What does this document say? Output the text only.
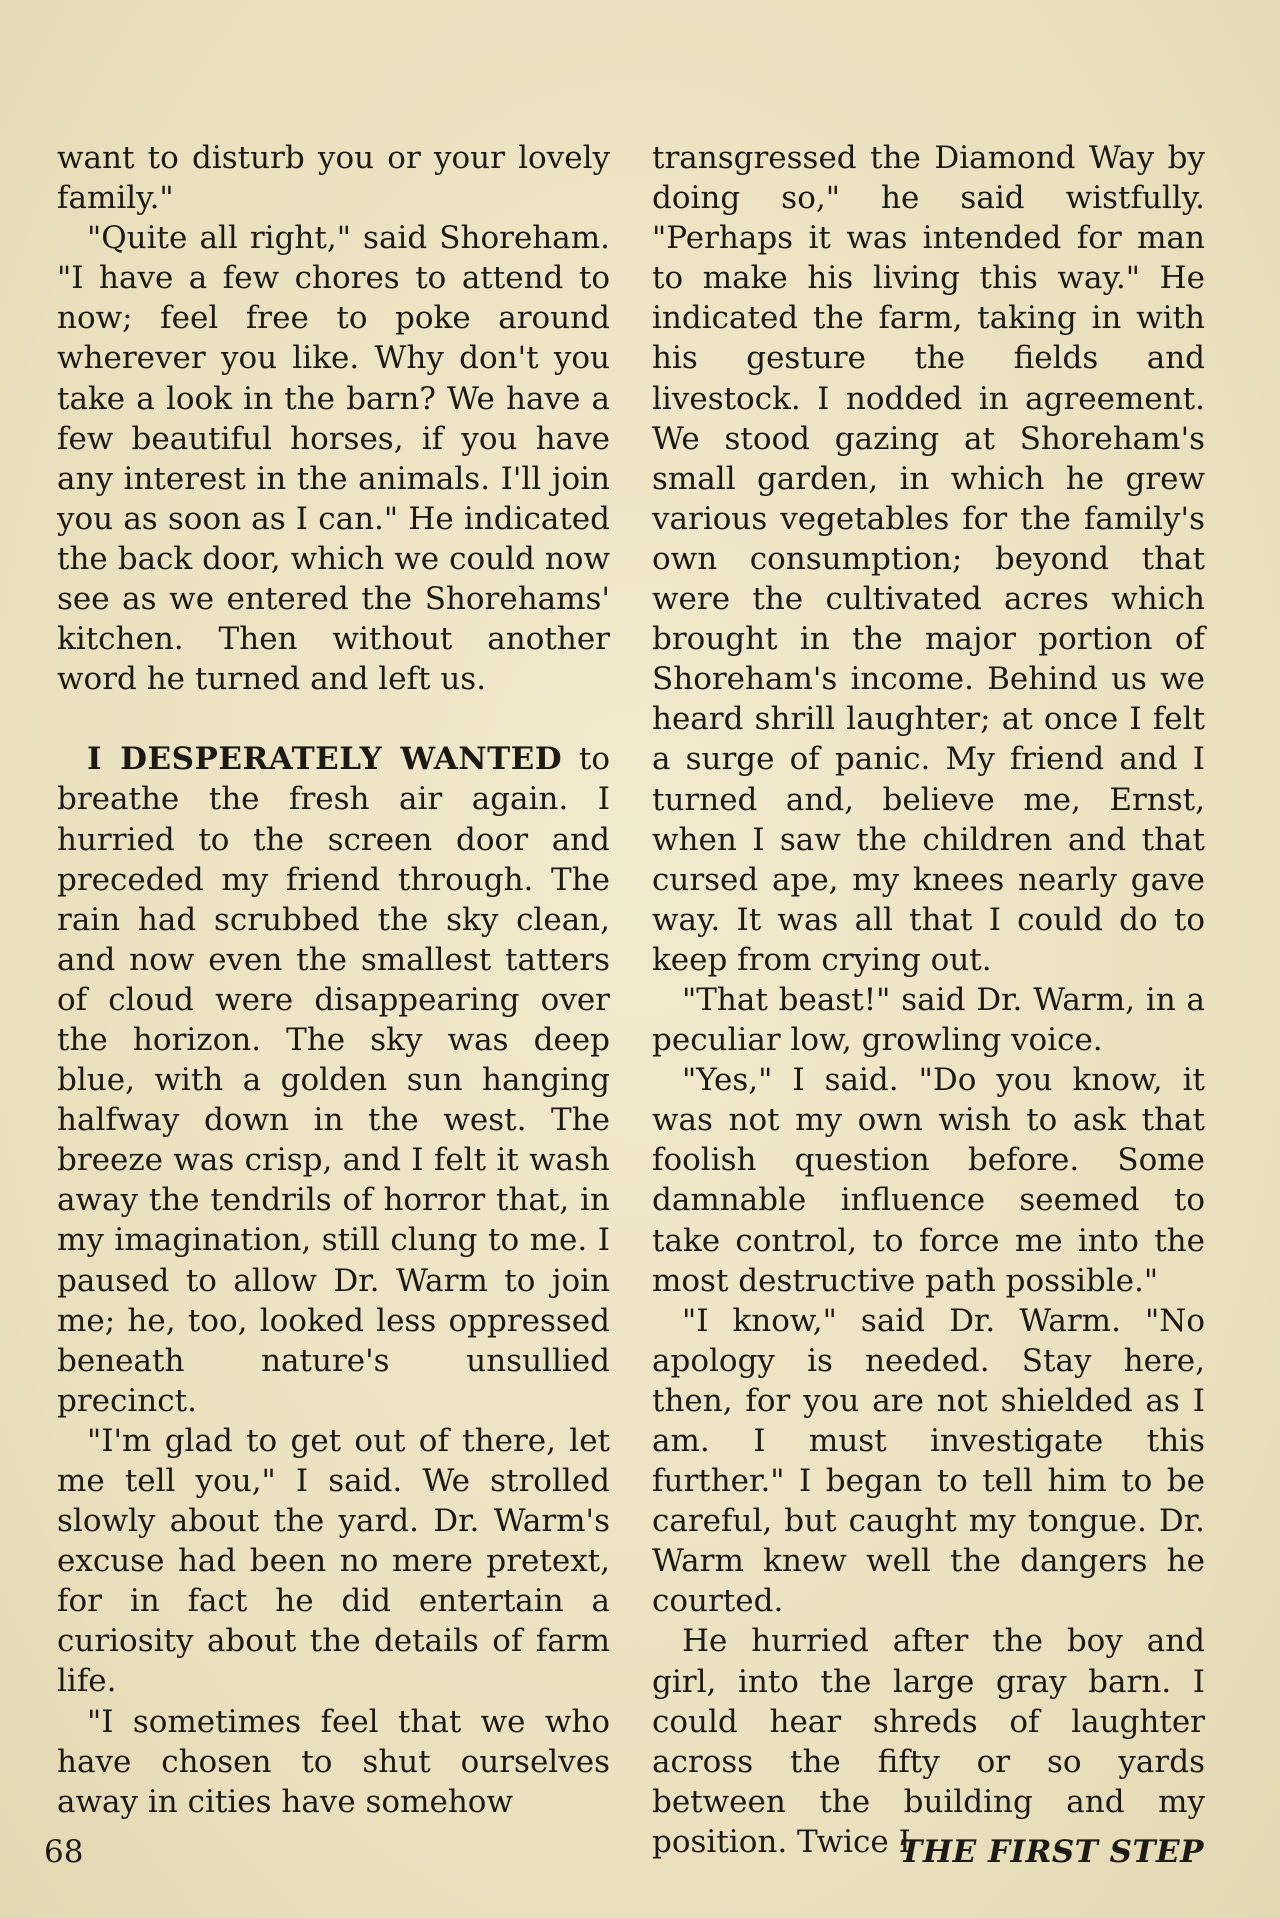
want to disturb you or your lovely family."

"Quite all right," said Shoreham. "I have a few chores to attend to now; feel free to poke around wherever you like. Why don't you take a look in the barn? We have a few beautiful horses, if you have any interest in the animals. I'll join you as soon as I can." He indicated the back door, which we could now see as we entered the Shorehams' kitchen. Then without another word he turned and left us.

I DESPERATELY WANTED to breathe the fresh air again. I hurried to the screen door and preceded my friend through. The rain had scrubbed the sky clean, and now even the smallest tatters of cloud were disappearing over the horizon. The sky was deep blue, with a golden sun hanging halfway down in the west. The breeze was crisp, and I felt it wash away the tendrils of horror that, in my imagination, still clung to me. I paused to allow Dr. Warm to join me; he, too, looked less oppressed beneath nature's unsullied precinct.

"I'm glad to get out of there, let me tell you," I said. We strolled slowly about the yard. Dr. Warm's excuse had been no mere pretext, for in fact he did entertain a curiosity about the details of farm life.

"I sometimes feel that we who have chosen to shut ourselves away in cities have somehow

transgressed the Diamond Way by doing so," he said wistfully. "Perhaps it was intended for man to make his living this way." He indicated the farm, taking in with his gesture the fields and livestock. I nodded in agreement. We stood gazing at Shoreham's small garden, in which he grew various vegetables for the family's own consumption; beyond that were the cultivated acres which brought in the major portion of Shoreham's income. Behind us we heard shrill laughter; at once I felt a surge of panic. My friend and I turned and, believe me, Ernst, when I saw the children and that cursed ape, my knees nearly gave way. It was all that I could do to keep from crying out.

"That beast!" said Dr. Warm, in a peculiar low, growling voice.

"Yes," I said. "Do you know, it was not my own wish to ask that foolish question before. Some damnable influence seemed to take control, to force me into the most destructive path possible."

"I know," said Dr. Warm. "No apology is needed. Stay here, then, for you are not shielded as I am. I must investigate this further." I began to tell him to be careful, but caught my tongue. Dr. Warm knew well the dangers he courted.

He hurried after the boy and girl, into the large gray barn. I could hear shreds of laughter across the fifty or so yards between the building and my position. Twice I

68	THE FIRST STEP
